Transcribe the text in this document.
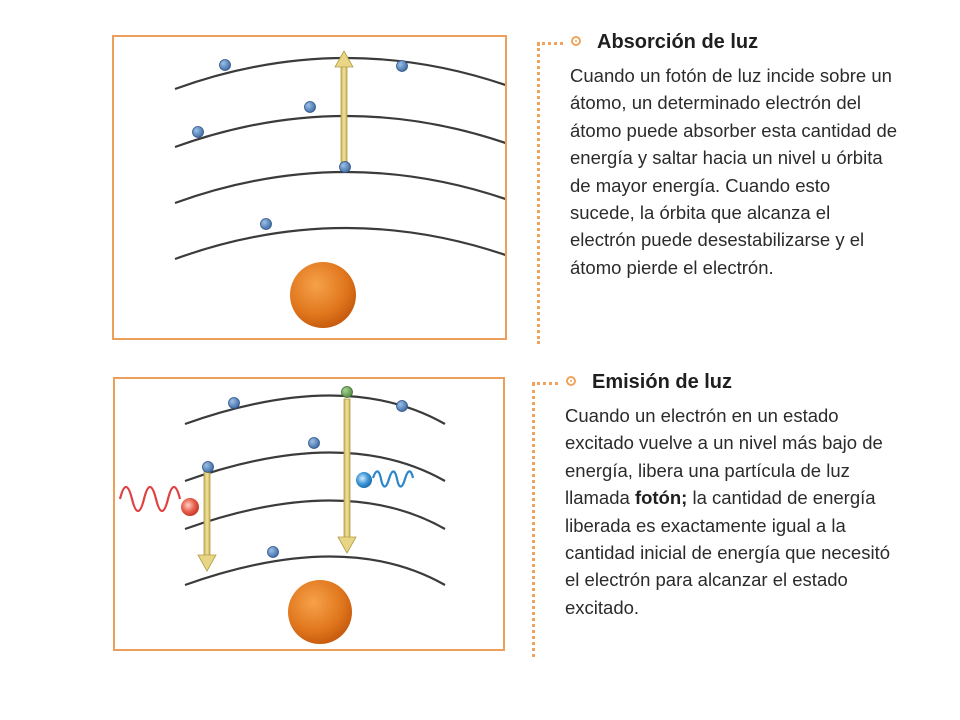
Absorción de luz

Cuando un fotón de luz incide sobre un átomo, un determinado electrón del átomo puede absorber esta cantidad de energía y saltar hacia un nivel u órbita de mayor energía. Cuando esto sucede, la órbita que alcanza el electrón puede desestabilizarse y el átomo pierde el electrón.

Emisión de luz

Cuando un electrón en un estado excitado vuelve a un nivel más bajo de energía, libera una partícula de luz llamada fotón; la cantidad de energía liberada es exactamente igual a la cantidad inicial de energía que necesitó el electrón para alcanzar el estado excitado.
